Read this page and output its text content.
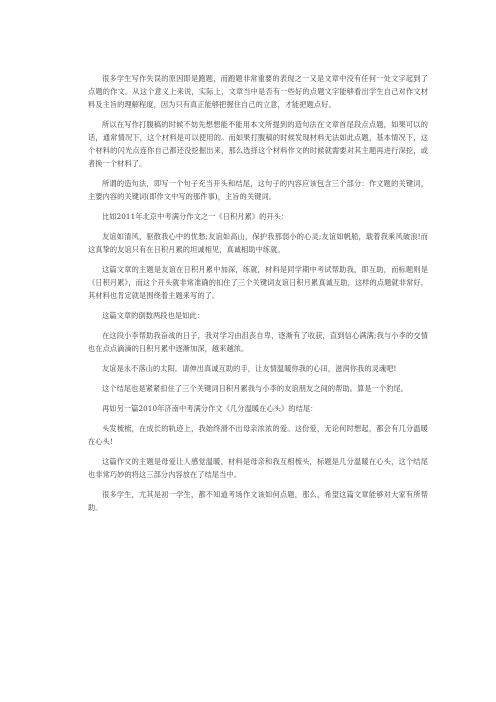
很多学生写作失误的原因即是跑题，而跑题非常重要的表现之一又是文章中没有任何一处文字起到了点题的作文。从这个意义上来说，实际上，文章当中是否有一些好的点题文字能够看出学生自己对作文材料及主旨的理解程度，因为只有真正能够把握住自己的立意，才能把题点好。

所以在写作打腹稿的时候不妨先想想能不能用本文所提到的造句法在文章首尾段点点题，如果可以的话，通常情况下，这个材料是可以使用的。而如果打腹稿的时候发现材料无法如此点题，基本情况下，这个材料的闪光点连你自己都还没挖掘出来，那么选择这个材料作文的时候就需要对其主题再进行深挖，或者换一个材料了。

所谓的造句法，即写一个句子充当开头和结尾，这句子的内容应该包含三个部分：作文题的关键词，主要内容的关键词(即作文中写的那件事)，主旨的关键词。

比如2011年北京中考满分作文之一《日积月累》的开头：

友谊如清风，驱散我心中的忧愁;友谊如高山，保护我那弱小的心灵;友谊如帆船，载着我乘风破浪!而这真挚的友谊只有在日积月累的坦诚相见，真诚相助中练就。

这篇文章的主题是友谊在日积月累中加深，练就，材料是同学期中考试帮助我，即互助，而标题则是《日积月累》，而这个开头就非常准确的扣住了三个关键词友谊日积月累真诚互助，这样的点题就非常好，其材料也肯定就是围绕着主题来写的了。

这篇文章的倒数两段也是如此：

在这段小李帮助我奋战的日子，我对学习由沮丧自卑，逐渐有了收获，直到信心满满;我与小李的交情也在点点滴滴的日积月累中逐渐加深，越来越浓。

友谊是永不落山的太阳。请伸出真诚互助的手，让友情温暖你我的心田，滋润你我的灵魂吧!

这个结尾也是紧紧扣住了三个关键词日积月累我与小李的友谊朋友之间的帮助。算是一个豹尾。

再如另一篇2010年济南中考满分作文《几分温暖在心头》的结尾：

头发梳梳，在成长的轨迹上，我始终滑不出母亲浓浓的爱。这份爱，无论何时想起，都会有几分温暖在心头!

这篇作文的主题是母爱让人感觉温暖，材料是母亲和我互相梳头，标题是几分温暖在心头，这个结尾也非常巧妙的将这三部分内容放在了结尾当中。

很多学生，尤其是初一学生，都不知道考场作文该如何点题，那么，希望这篇文章能够对大家有所帮助。
